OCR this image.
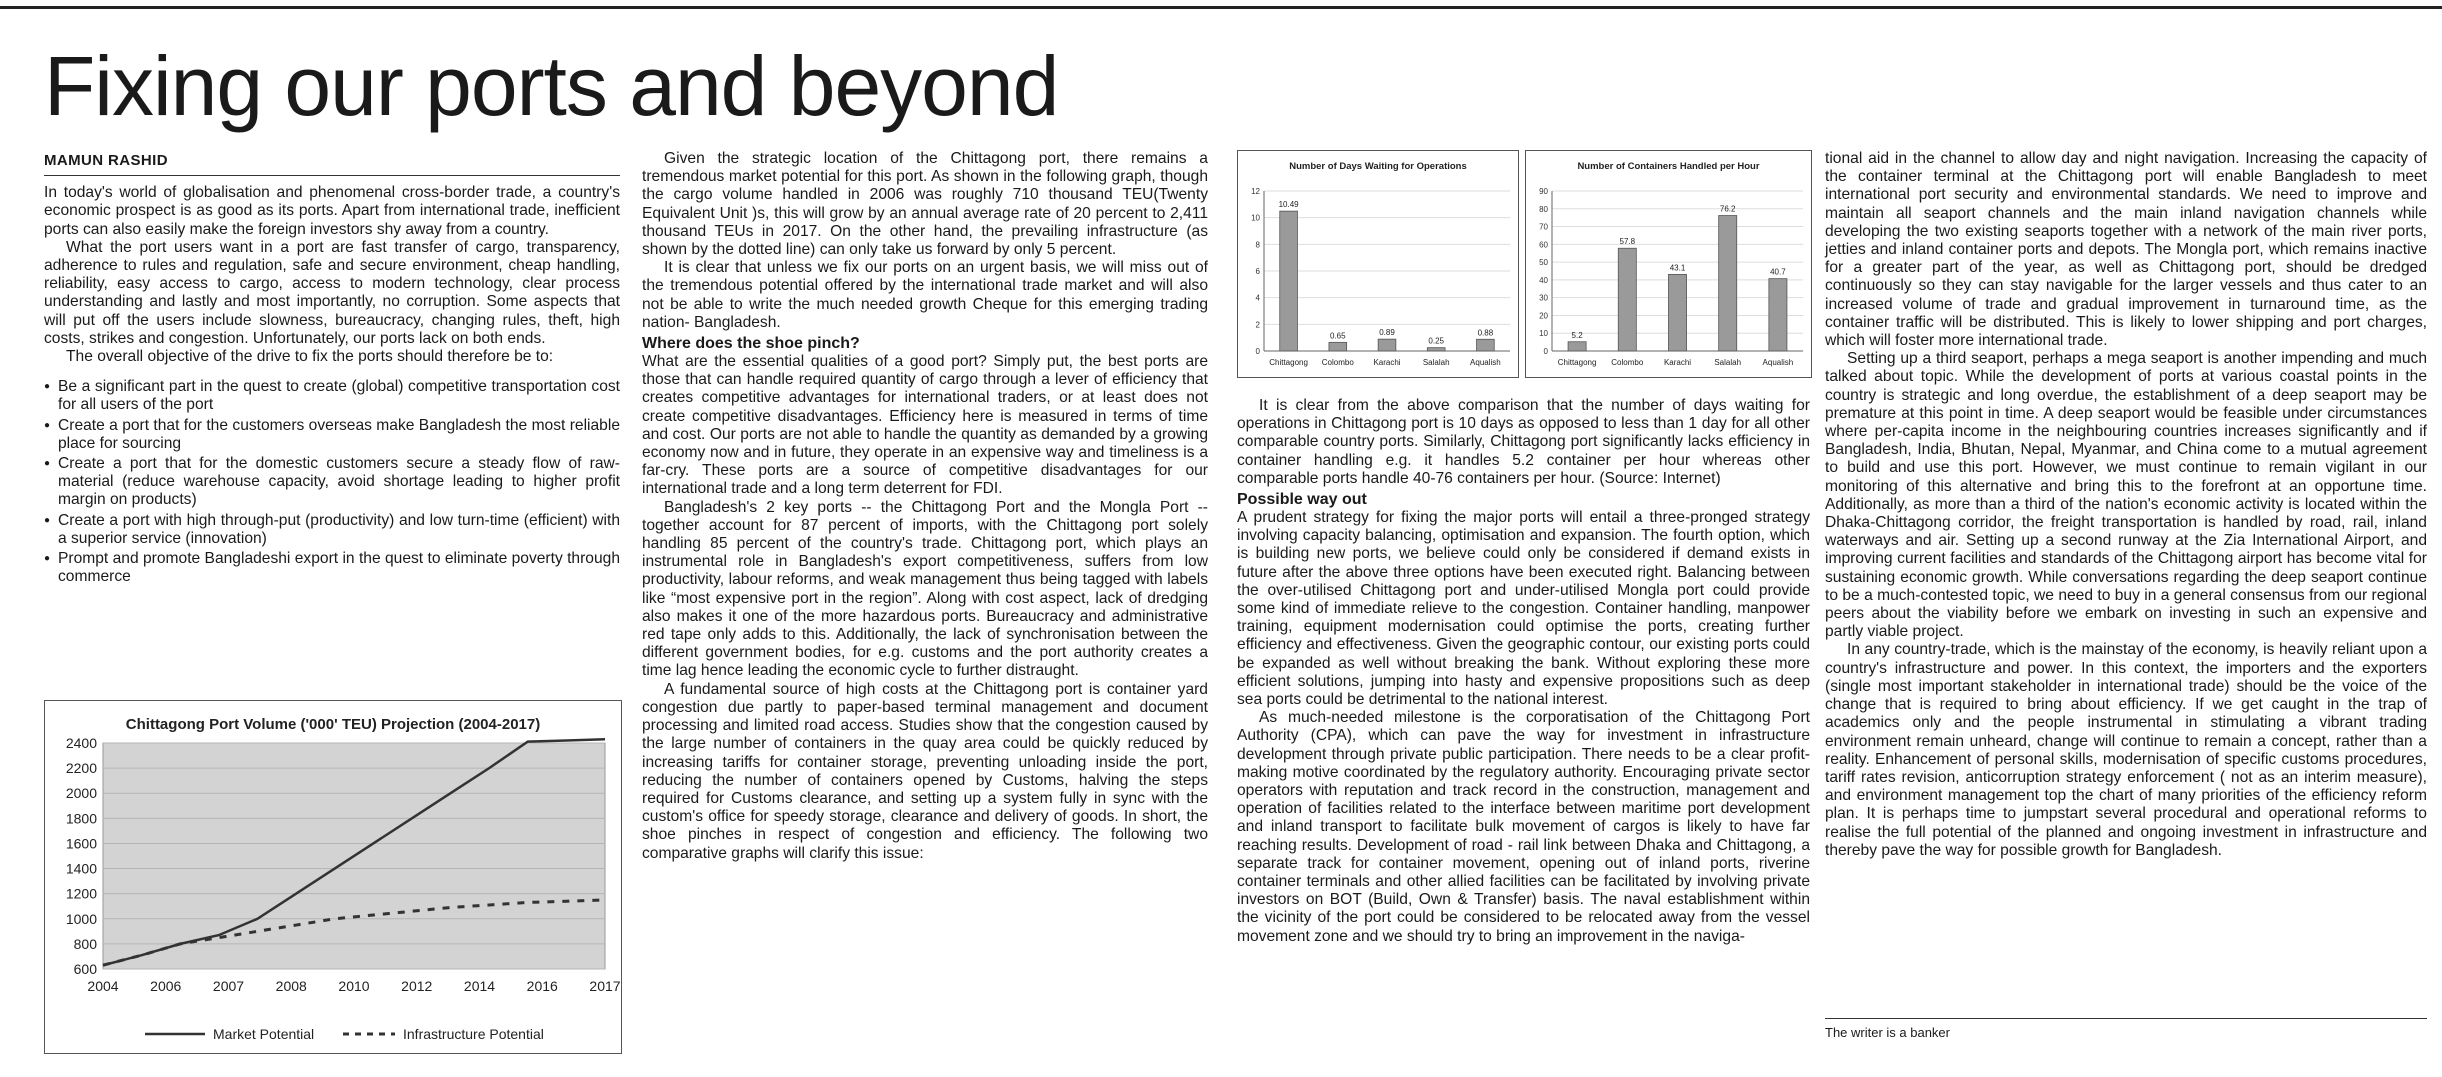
Fixing our ports and beyond
MAMUN RASHID

In today's world of globalisation and phenomenal cross-border trade, a country's economic prospect is as good as its ports. Apart from international trade, inefficient ports can also easily make the foreign investors shy away from a country.

What the port users want in a port are fast transfer of cargo, transparency, adherence to rules and regulation, safe and secure environment, cheap handling, reliability, easy access to cargo, access to modern technology, clear process understanding and lastly and most importantly, no corruption. Some aspects that will put off the users include slowness, bureaucracy, changing rules, theft, high costs, strikes and congestion. Unfortunately, our ports lack on both ends.

The overall objective of the drive to fix the ports should therefore be to:

● Be a significant part in the quest to create (global) competitive transportation cost for all users of the port
● Create a port that for the customers overseas make Bangladesh the most reliable place for sourcing
● Create a port that for the domestic customers secure a steady flow of raw-material (reduce warehouse capacity, avoid shortage leading to higher profit margin on products)
● Create a port with high through-put (productivity) and low turn-time (efficient) with a superior service (innovation)
● Prompt and promote Bangladeshi export in the quest to eliminate poverty through commerce
Chittagong Port Volume ('000' TEU) Projection (2004-2017)
600
800
1000
1200
1400
1600
1800
2000
2200
2400
2004 2006 2007 2008 2010 2012 2014 2016 2017
Market Potential	Infrastructure Potential

Given the strategic location of the Chittagong port, there remains a tremendous market potential for this port. As shown in the following graph, though the cargo volume handled in 2006 was roughly 710 thousand TEU(Twenty Equivalent Unit )s, this will grow by an annual average rate of 20 percent to 2,411 thousand TEUs in 2017. On the other hand, the prevailing infrastructure (as shown by the dotted line) can only take us forward by only 5 percent.

It is clear that unless we fix our ports on an urgent basis, we will miss out of the tremendous potential offered by the international trade market and will also not be able to write the much needed growth Cheque for this emerging trading nation- Bangladesh.

Where does the shoe pinch?

What are the essential qualities of a good port? Simply put, the best ports are those that can handle required quantity of cargo through a lever of efficiency that creates competitive advantages for international traders, or at least does not create competitive disadvantages. Efficiency here is measured in terms of time and cost. Our ports are not able to handle the quantity as demanded by a growing economy now and in future, they operate in an expensive way and timeliness is a far-cry. These ports are a source of competitive disadvantages for our international trade and a long term deterrent for FDI.

Bangladesh's 2 key ports -- the Chittagong Port and the Mongla Port -- together account for 87 percent of imports, with the Chittagong port solely handling 85 percent of the country's trade. Chittagong port, which plays an instrumental role in Bangladesh's export competitiveness, suffers from low productivity, labour reforms, and weak management thus being tagged with labels like “most expensive port in the region”. Along with cost aspect, lack of dredging also makes it one of the more hazardous ports. Bureaucracy and administrative red tape only adds to this. Additionally, the lack of synchronisation between the different government bodies, for e.g. customs and the port authority creates a time lag hence leading the economic cycle to further distraught.

A fundamental source of high costs at the Chittagong port is container yard congestion due partly to paper-based terminal management and document processing and limited road access. Studies show that the congestion caused by the large number of containers in the quay area could be quickly reduced by increasing tariffs for container storage, preventing unloading inside the port, reducing the number of containers opened by Customs, halving the steps required for Customs clearance, and setting up a system fully in sync with the custom's office for speedy storage, clearance and delivery of goods. In short, the shoe pinches in respect of congestion and efficiency. The following two comparative graphs will clarify this issue:

Number of Days Waiting for Operations
0
2
4
6
8
10
12
10.49
Chittagong
0.65
Colombo
0.89
Karachi
0.25
Salalah
0.88
Aqualish
Number of Containers Handled per Hour
0
10
20
30
40
50
60
70
80
90
5.2
Chittagong
57.8
Colombo
43.1
Karachi
76.2
Salalah
40.7
Aqualish

It is clear from the above comparison that the number of days waiting for operations in Chittagong port is 10 days as opposed to less than 1 day for all other comparable country ports. Similarly, Chittagong port significantly lacks efficiency in container handling e.g. it handles 5.2 container per hour whereas other comparable ports handle 40-76 containers per hour. (Source: Internet)

Possible way out

A prudent strategy for fixing the major ports will entail a three-pronged strategy involving capacity balancing, optimisation and expansion. The fourth option, which is building new ports, we believe could only be considered if demand exists in future after the above three options have been executed right. Balancing between the over-utilised Chittagong port and under-utilised Mongla port could provide some kind of immediate relieve to the congestion. Container handling, manpower training, equipment modernisation could optimise the ports, creating further efficiency and effectiveness. Given the geographic contour, our existing ports could be expanded as well without breaking the bank. Without exploring these more efficient solutions, jumping into hasty and expensive propositions such as deep sea ports could be detrimental to the national interest.

As much-needed milestone is the corporatisation of the Chittagong Port Authority (CPA), which can pave the way for investment in infrastructure development through private public participation. There needs to be a clear profit-making motive coordinated by the regulatory authority. Encouraging private sector operators with reputation and track record in the construction, management and operation of facilities related to the interface between maritime port development and inland transport to facilitate bulk movement of cargos is likely to have far reaching results. Development of road - rail link between Dhaka and Chittagong, a separate track for container movement, opening out of inland ports, riverine container terminals and other allied facilities can be facilitated by involving private investors on BOT (Build, Own & Transfer) basis. The naval establishment within the vicinity of the port could be considered to be relocated away from the vessel movement zone and we should try to bring an improvement in the naviga-

tional aid in the channel to allow day and night navigation. Increasing the capacity of the container terminal at the Chittagong port will enable Bangladesh to meet international port security and environmental standards. We need to improve and maintain all seaport channels and the main inland navigation channels while developing the two existing seaports together with a network of the main river ports, jetties and inland container ports and depots. The Mongla port, which remains inactive for a greater part of the year, as well as Chittagong port, should be dredged continuously so they can stay navigable for the larger vessels and thus cater to an increased volume of trade and gradual improvement in turnaround time, as the container traffic will be distributed. This is likely to lower shipping and port charges, which will foster more international trade.

Setting up a third seaport, perhaps a mega seaport is another impending and much talked about topic. While the development of ports at various coastal points in the country is strategic and long overdue, the establishment of a deep seaport may be premature at this point in time. A deep seaport would be feasible under circumstances where per-capita income in the neighbouring countries increases significantly and if Bangladesh, India, Bhutan, Nepal, Myanmar, and China come to a mutual agreement to build and use this port. However, we must continue to remain vigilant in our monitoring of this alternative and bring this to the forefront at an opportune time. Additionally, as more than a third of the nation's economic activity is located within the Dhaka-Chittagong corridor, the freight transportation is handled by road, rail, inland waterways and air. Setting up a second runway at the Zia International Airport, and improving current facilities and standards of the Chittagong airport has become vital for sustaining economic growth. While conversations regarding the deep seaport continue to be a much-contested topic, we need to buy in a general consensus from our regional peers about the viability before we embark on investing in such an expensive and partly viable project.

In any country-trade, which is the mainstay of the economy, is heavily reliant upon a country's infrastructure and power. In this context, the importers and the exporters (single most important stakeholder in international trade) should be the voice of the change that is required to bring about efficiency. If we get caught in the trap of academics only and the people instrumental in stimulating a vibrant trading environment remain unheard, change will continue to remain a concept, rather than a reality. Enhancement of personal skills, modernisation of specific customs procedures, tariff rates revision, anticorruption strategy enforcement ( not as an interim measure), and environment management top the chart of many priorities of the efficiency reform plan. It is perhaps time to jumpstart several procedural and operational reforms to realise the full potential of the planned and ongoing investment in infrastructure and thereby pave the way for possible growth for Bangladesh.

The writer is a banker
